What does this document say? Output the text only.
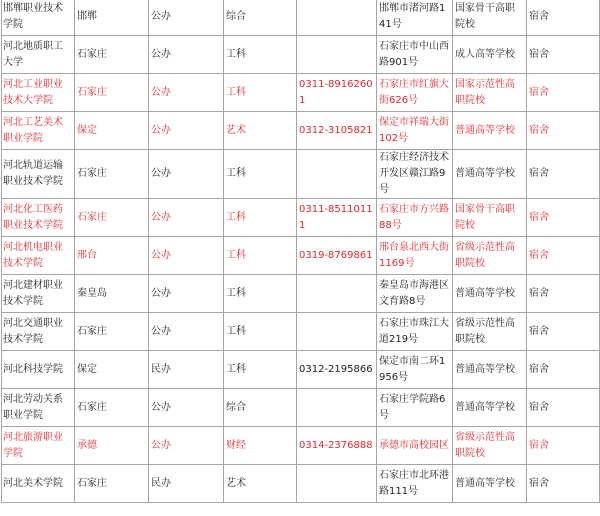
邯郸职业技术学院	邯郸	公办	综合		邯郸市渚河路141号	国家骨干高职院校	宿舍
河北地质职工大学	石家庄	公办	工科		石家庄市中山西路901号	成人高等学校	宿舍
河北工业职业技术大学院	石家庄	公办	工科	0311-89162601	石家庄市红旗大街626号	国家示范性高职院校	宿舍
河北工艺美术职业学院	保定	公办	艺术	0312-3105821	保定市祥瑞大街102号	普通高等学校	宿舍
河北轨道运输职业技术学院	石家庄	公办	工科		石家庄经济技术开发区赣江路9号	普通高等学校	宿舍
河北化工医药职业技术学院	石家庄	公办	工科	0311-85110111	石家庄市方兴路88号	国家骨干高职院校	宿舍
河北机电职业技术学院	邢台	公办	工科	0319-8769861	邢台泉北西大街1169号	省级示范性高职院校	宿舍
河北建材职业技术学院	秦皇岛	公办	工科		秦皇岛市海港区文育路8号	普通高等学校	宿舍
河北交通职业技术学院	石家庄	公办	工科		石家庄市珠江大道219号	省级示范性高职院校	宿舍
河北科技学院	保定	民办	工科	0312-2195866	保定市南二环1956号	普通高等学校	宿舍
河北劳动关系职业学院	石家庄	公办	综合		石家庄学院路6号	普通高等学校	宿舍
河北旅游职业学院	承德	公办	财经	0314-2376888	承德市高校园区	省级示范性高职院校	宿舍
河北美术学院	石家庄	民办	艺术		石家庄市北环港路111号	普通高等学校	宿舍
